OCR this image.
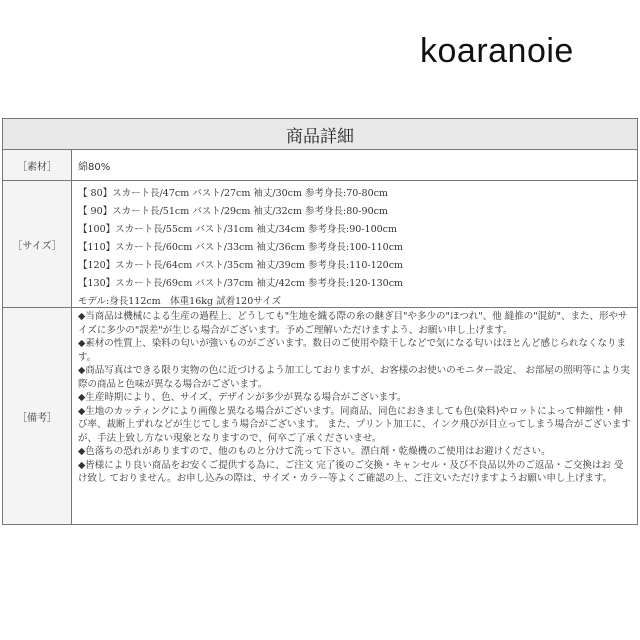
koaranoie
商品詳細
［素材］	綿80%
［サイズ］
【 80】スカート長/47cm バスト/27cm 袖丈/30cm 参考身長:70-80cm
【 90】スカート長/51cm バスト/29cm 袖丈/32cm 参考身長:80-90cm
【100】スカート長/55cm バスト/31cm 袖丈/34cm 参考身長:90-100cm
【110】スカート長/60cm バスト/33cm 袖丈/36cm 参考身長:100-110cm
【120】スカート長/64cm バスト/35cm 袖丈/39cm 参考身長:110-120cm
【130】スカート長/69cm バスト/37cm 袖丈/42cm 参考身長:120-130cm
モデル:身長112cm　体重16kg 試着120サイズ
［備考］

◆当商品は機械による生産の過程上、どうしても"生地を織る際の糸の継ぎ目"や多少の"ほつれ"、他 縫推の"混紡"、また、形やサイズに多少の"誤差"が生じる場合がございます。予めご理解いただけますよう、お願い申し上げます。

◆素材の性質上、染料の匂いが強いものがございます。数日のご使用や陰干しなどで気になる匂いはほとんど感じられなくなります。

◆商品写真はできる限り実物の色に近づけるよう加工しておりますが、お客様のお使いのモニター設定、 お部屋の照明等により実際の商品と色味が異なる場合がございます。

◆生産時期により、色、サイズ、デザインが多少が異なる場合がございます。

◆生地のカッティングにより画像と異なる場合がございます。同商品、同色におきましても色(染料)やロットによって伸縮性・伸び率、裁断上ずれなどが生じてしまう場合がございます。 また、プリント加工に、インク飛びが目立ってしまう場合がございますが、手法上致し方ない現象となりますので、何卒ご了承くださいませ。

◆色落ちの恐れがありますので、他のものと分けて洗って下さい。漂白剤・乾燥機のご使用はお避けください。

◆皆様により良い商品をお安くご提供する為に、ご注文 完了後のご交換・キャンセル・及び不良品以外のご返品・ご交換はお 受け致し ておりません。お申し込みの際は、サイズ・カラー等よくご確認の上、ご注文いただけますようお願い申し上げます。
